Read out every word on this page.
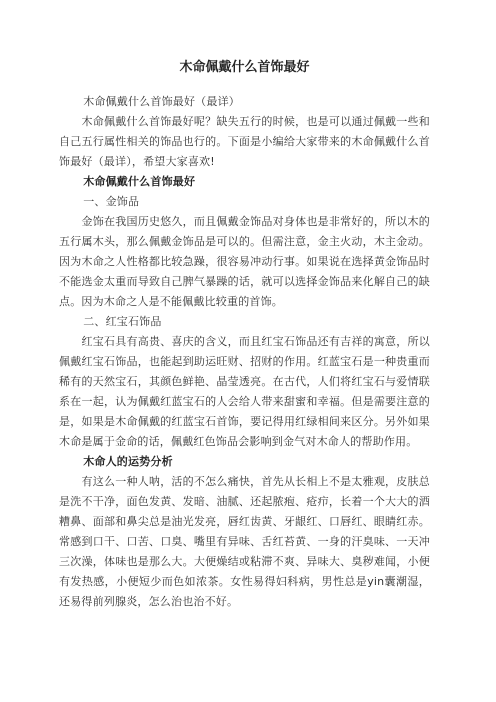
木命佩戴什么首饰最好

木命佩戴什么首饰最好（最详）

　　木命佩戴什么首饰最好呢？缺失五行的时候，也是可以通过佩戴一些和自己五行属性相关的饰品也行的。下面是小编给大家带来的木命佩戴什么首饰最好（最详），希望大家喜欢!

木命佩戴什么首饰最好

一、金饰品

　　金饰在我国历史悠久，而且佩戴金饰品对身体也是非常好的，所以木的五行属木头，那么佩戴金饰品是可以的。但需注意，金主火动，木主金动。因为木命之人性格都比较急躁，很容易冲动行事。如果说在选择黄金饰品时不能选金太重而导致自己脾气暴躁的话，就可以选择金饰品来化解自己的缺点。因为木命之人是不能佩戴比较重的首饰。

二、红宝石饰品

　　红宝石具有高贵、喜庆的含义，而且红宝石饰品还有吉祥的寓意，所以佩戴红宝石饰品，也能起到助运旺财、招财的作用。红蓝宝石是一种贵重而稀有的天然宝石，其颜色鲜艳、晶莹透亮。在古代，人们将红宝石与爱情联系在一起，认为佩戴红蓝宝石的人会给人带来甜蜜和幸福。但是需要注意的是，如果是木命佩戴的红蓝宝石首饰，要记得用红绿相间来区分。另外如果木命是属于金命的话，佩戴红色饰品会影响到金气对木命人的帮助作用。

木命人的运势分析

　　有这么一种人呐，活的不怎么痛快，首先从长相上不是太雅观，皮肤总是洗不干净，面色发黄、发暗、油腻、还起脓疱、疮疖，长着一个大大的酒糟鼻、面部和鼻尖总是油光发亮，唇红齿黄、牙龈红、口唇红、眼睛红赤。常感到口干、口苦、口臭、嘴里有异味、舌红苔黄、一身的汗臭味、一天冲三次澡，体味也是那么大。大便燥结或粘滞不爽、异味大、臭秽难闻，小便有发热感，小便短少而色如浓茶。女性易得妇科病，男性总是yin囊潮湿，还易得前列腺炎，怎么治也治不好。
